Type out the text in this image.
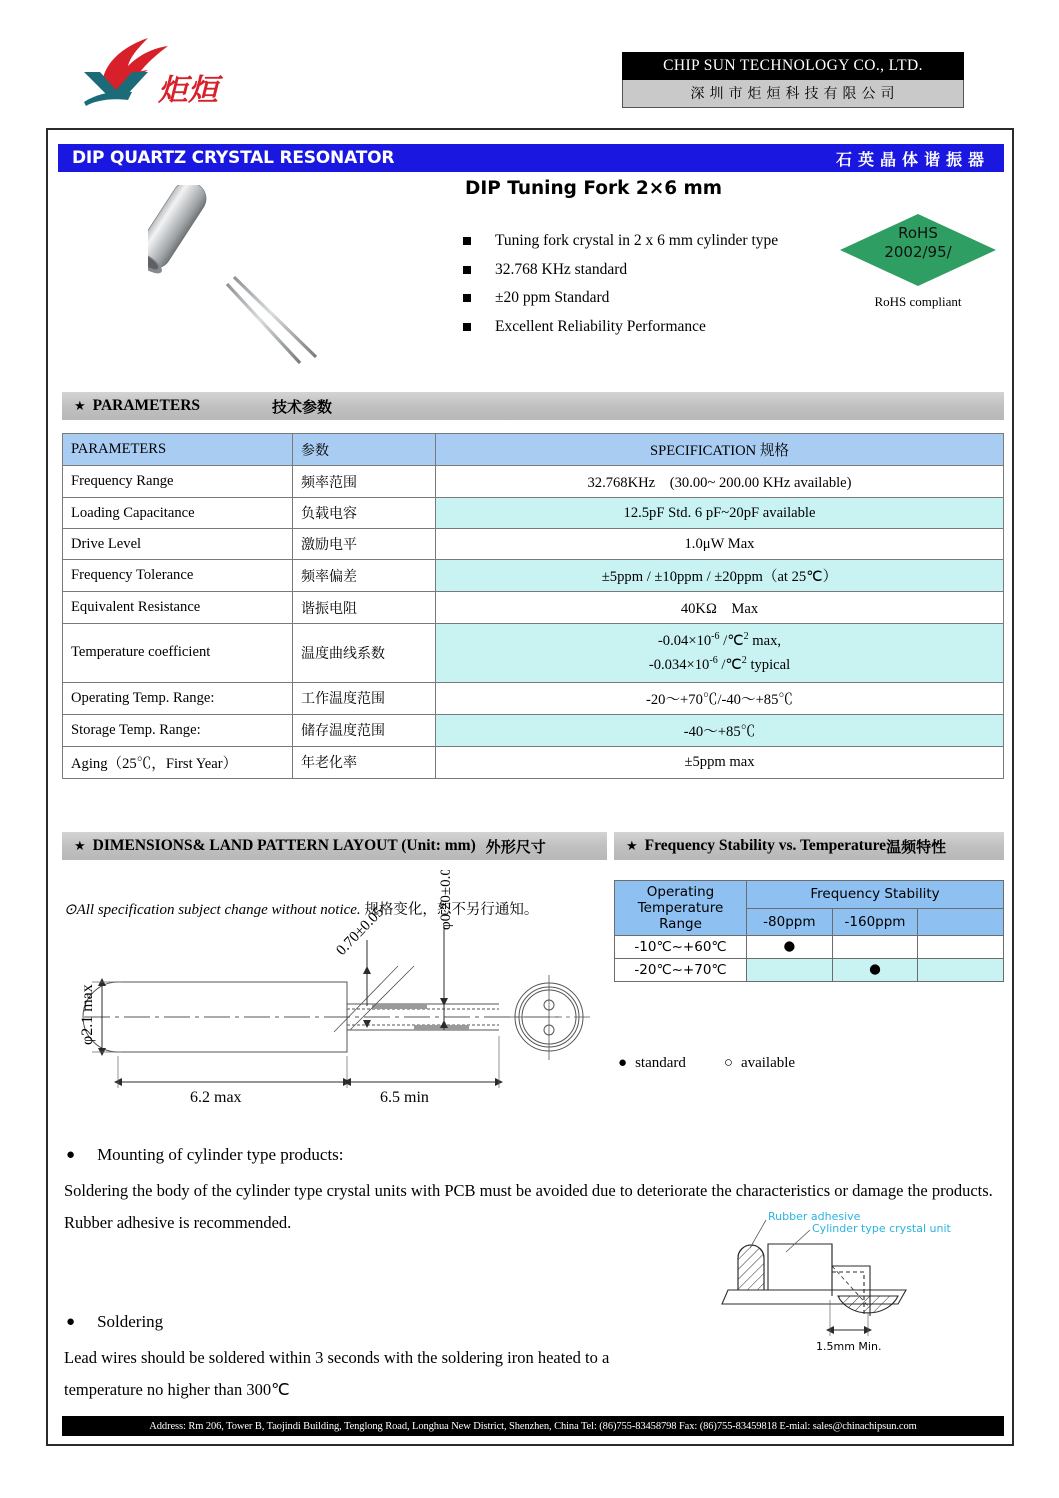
炬烜
CHIP SUN TECHNOLOGY CO., LTD.
深圳市炬烜科技有限公司
DIP QUARTZ CRYSTAL RESONATOR	石英晶体谐振器
DIP Tuning Fork 2×6 mm
Tuning fork crystal in 2 x 6 mm cylinder type
32.768 KHz standard
±20 ppm Standard
Excellent Reliability Performance
RoHS
2002/95/
RoHS compliant
★ PARAMETERS	技术参数
PARAMETERS	参数	SPECIFICATION 规格
Frequency Range	频率范围	32.768KHz　(30.00~ 200.00 KHz available)
Loading Capacitance	负载电容	12.5pF Std. 6 pF~20pF available
Drive Level	激励电平	1.0μW Max
Frequency Tolerance	频率偏差	±5ppm / ±10ppm / ±20ppm（at 25℃）
Equivalent Resistance	谐振电阻	40KΩ　Max
Temperature coefficient	温度曲线系数	$-0.04\times 10^{-6}$ /℃$^2$ max,
$-0.034\times 10^{-6}$ /℃$^2$ typical

Operating Temp. Range:	工作温度范围	-20～+70℃/-40～+85℃
Storage Temp. Range:	储存温度范围	-40～+85℃
Aging（25℃，First Year）	年老化率	±5ppm max
⊙All specification subject change without notice. 规格变化，恕不另行通知。
★ DIMENSIONS& LAND PATTERN LAYOUT (Unit: mm) 外形尺寸	★ Frequency Stability vs. Temperature 温频特性
φ2.1 max
6.2 max	6.5 min
0.70±0.05
φ0.20±0.05	Operating
Temperature
Range	Frequency Stability		
	-80ppm	-160ppm	
-10℃~+60℃	●		
-20℃~+70℃		●	
● standard	○ available
● Mounting of cylinder type products:
Soldering the body of the cylinder type crystal units with PCB must be avoided due to deteriorate the characteristics or damage the products. Rubber adhesive is recommended.	Rubber adhesive
Cylinder type crystal unit
1.5mm Min.
● Soldering
Lead wires should be soldered within 3 seconds with the soldering iron heated to a temperature no higher than 300℃
Address: Rm 206, Tower B, Taojindi Building, Tenglong Road, Longhua New District, Shenzhen, China Tel: (86)755-83458798 Fax: (86)755-83459818 E-mial: sales@chinachipsun.com
